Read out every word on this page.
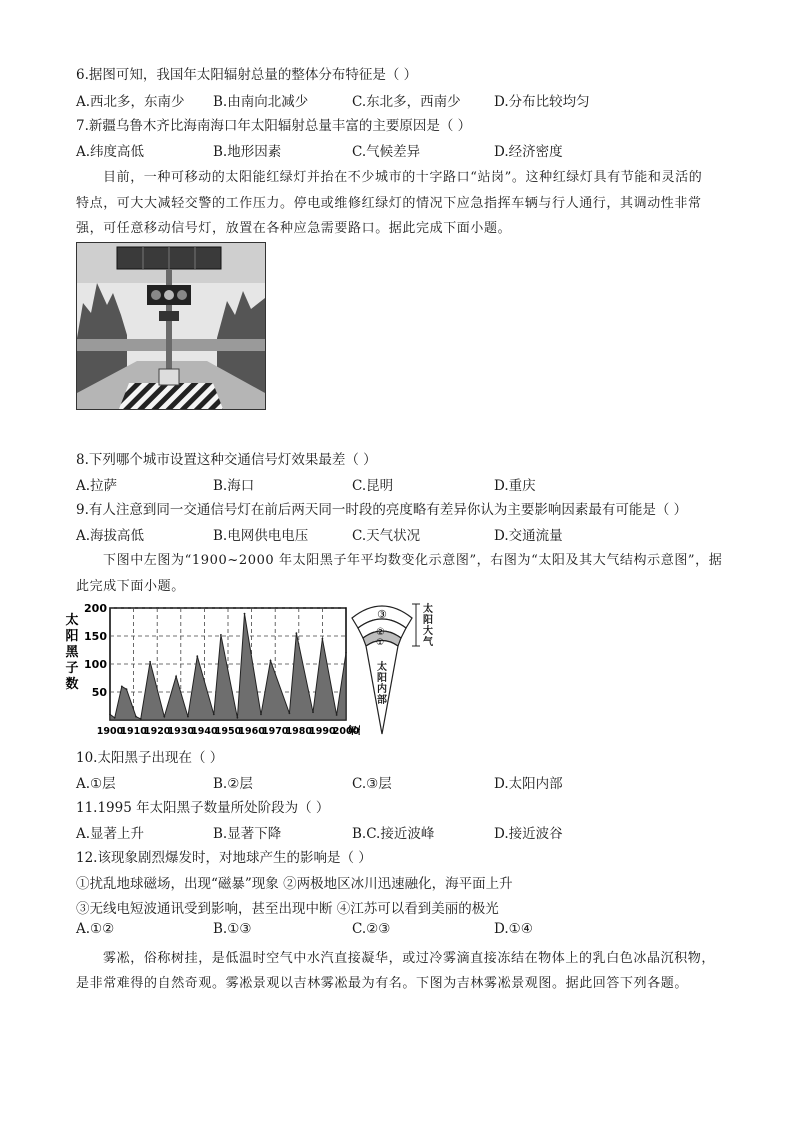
6.据图可知，我国年太阳辐射总量的整体分布特征是（ ）
A.西北多，东南少 B.由南向北减少	C.东北多，西南少 D.分布比较均匀
7.新疆乌鲁木齐比海南海口年太阳辐射总量丰富的主要原因是（ ）
A.纬度高低	B.地形因素	C.气候差异	D.经济密度
目前，一种可移动的太阳能红绿灯并抬在不少城市的十字路口“站岗”。这种红绿灯具有节能和灵活的
特点，可大大减轻交警的工作压力。停电或维修红绿灯的情况下应急指挥车辆与行人通行，其调动性非常
强，可任意移动信号灯，放置在各种应急需要路口。据此完成下面小题。
8.下列哪个城市设置这种交通信号灯效果最差（ ）
A.拉萨	B.海口	C.昆明	D.重庆
9.有人注意到同一交通信号灯在前后两天同一时段的亮度略有差异你认为主要影响因素最有可能是（ ）
A.海拔高低	B.电网供电电压	C.天气状况	D.交通流量
下图中左图为“1900~2000 年太阳黑子年平均数变化示意图”，右图为“太阳及其大气结构示意图”，据
此完成下面小题。
200
150
100
50
1900
1910
1920
1930
1940
1950
1960
1970
1980
1990
2000
太
阳
黑
子
数
年
③
②
①
太阳大气
太阳内部
10.太阳黑子出现在（ ）
A.①层	B.②层	C.③层	D.太阳内部
11.1995 年太阳黑子数量所处阶段为（ ）
A.显著上升	B.显著下降	B.C.接近波峰	D.接近波谷
12.该现象剧烈爆发时，对地球产生的影响是（ ）
①扰乱地球磁场，出现“磁暴”现象 ②两极地区冰川迅速融化，海平面上升
③无线电短波通讯受到影响，甚至出现中断 ④江苏可以看到美丽的极光
A.①②	B.①③	C.②③	D.①④
雾凇，俗称树挂，是低温时空气中水汽直接凝华，或过冷雾滴直接冻结在物体上的乳白色冰晶沉积物，
是非常难得的自然奇观。雾凇景观以吉林雾凇最为有名。下图为吉林雾凇景观图。据此回答下列各题。
